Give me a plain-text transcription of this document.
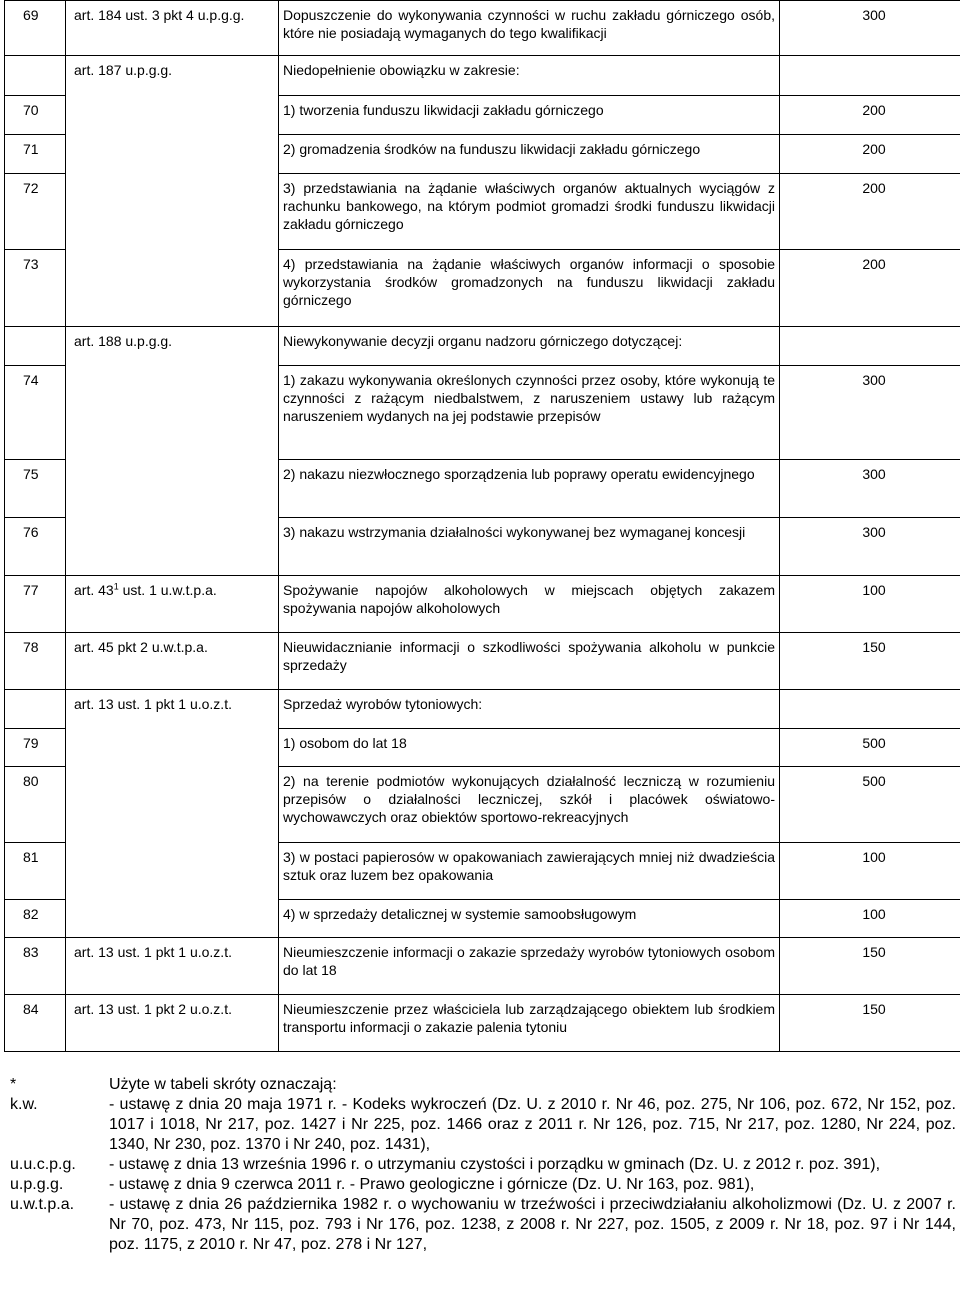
69	art. 184 ust. 3 pkt 4 u.p.g.g.	Dopuszczenie do wykonywania czynności w ruchu zakładu górniczego osób, które nie posiadają wymaganych do tego kwalifikacji	300
	art. 187 u.p.g.g.	Niedopełnienie obowiązku w zakresie:	
70		1) tworzenia funduszu likwidacji zakładu górniczego	200
71		2) gromadzenia środków na funduszu likwidacji zakładu górniczego	200
72		3) przedstawiania na żądanie właściwych organów aktualnych wyciągów z rachunku bankowego, na którym podmiot gromadzi środki funduszu likwidacji zakładu górniczego	200
73		4) przedstawiania na żądanie właściwych organów informacji o sposobie wykorzystania środków gromadzonych na funduszu likwidacji zakładu górniczego	200
	art. 188 u.p.g.g.	Niewykonywanie decyzji organu nadzoru górniczego dotyczącej:	
74		1) zakazu wykonywania określonych czynności przez osoby, które wykonują te czynności z rażącym niedbalstwem, z naruszeniem ustawy lub rażącym naruszeniem wydanych na jej podstawie przepisów	300
75		2) nakazu niezwłocznego sporządzenia lub poprawy operatu ewidencyjnego	300
76		3) nakazu wstrzymania działalności wykonywanej bez wymaganej koncesji	300
77	art. $43^1$ ust. 1 u.w.t.p.a.	Spożywanie napojów alkoholowych w miejscach objętych zakazem spożywania napojów alkoholowych	100
78	art. 45 pkt 2 u.w.t.p.a.	Nieuwidacznianie informacji o szkodliwości spożywania alkoholu w punkcie sprzedaży	150
	art. 13 ust. 1 pkt 1 u.o.z.t.	Sprzedaż wyrobów tytoniowych:	
79		1) osobom do lat 18	500
80		2) na terenie podmiotów wykonujących działalność leczniczą w rozumieniu przepisów o działalności leczniczej, szkół i placówek oświatowo-wychowawczych oraz obiektów sportowo-rekreacyjnych	500
81		3) w postaci papierosów w opakowaniach zawierających mniej niż dwadzieścia sztuk oraz luzem bez opakowania	100
82		4) w sprzedaży detalicznej w systemie samoobsługowym	100
83	art. 13 ust. 1 pkt 1 u.o.z.t.	Nieumieszczenie informacji o zakazie sprzedaży wyrobów tytoniowych osobom do lat 18	150
84	art. 13 ust. 1 pkt 2 u.o.z.t.	Nieumieszczenie przez właściciela lub zarządzającego obiektem lub środkiem transportu informacji o zakazie palenia tytoniu	150
*	Użyte w tabeli skróty oznaczają:
k.w.	- ustawę z dnia 20 maja 1971 r. - Kodeks wykroczeń (Dz. U. z 2010 r. Nr 46, poz. 275, Nr 106, poz. 672, Nr 152, poz. 1017 i 1018, Nr 217, poz. 1427 i Nr 225, poz. 1466 oraz z 2011 r. Nr 126, poz. 715, Nr 217, poz. 1280, Nr 224, poz. 1340, Nr 230, poz. 1370 i Nr 240, poz. 1431),
u.u.c.p.g.	- ustawę z dnia 13 września 1996 r. o utrzymaniu czystości i porządku w gminach (Dz. U. z 2012 r. poz. 391),
u.p.g.g.	- ustawę z dnia 9 czerwca 2011 r. - Prawo geologiczne i górnicze (Dz. U. Nr 163, poz. 981),
u.w.t.p.a.	- ustawę z dnia 26 października 1982 r. o wychowaniu w trzeźwości i przeciwdziałaniu alkoholizmowi (Dz. U. z 2007 r. Nr 70, poz. 473, Nr 115, poz. 793 i Nr 176, poz. 1238, z 2008 r. Nr 227, poz. 1505, z 2009 r. Nr 18, poz. 97 i Nr 144, poz. 1175, z 2010 r. Nr 47, poz. 278 i Nr 127,
